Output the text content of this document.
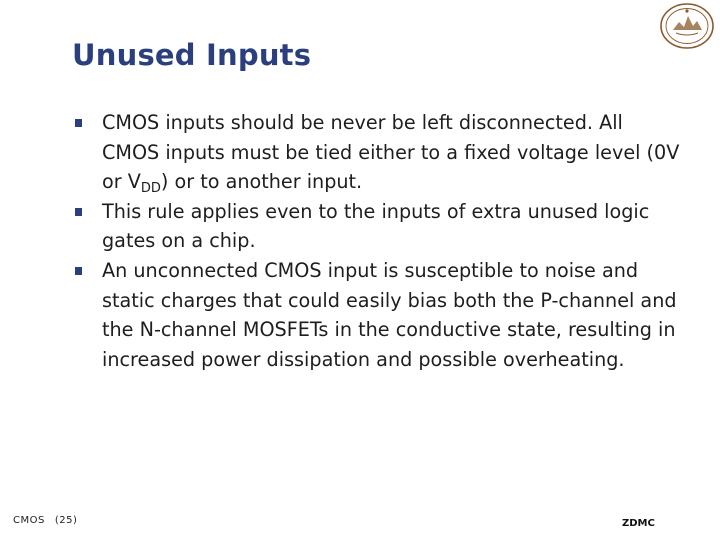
Unused Inputs
CMOS inputs should be never be left disconnected. All CMOS inputs must be tied either to a fixed voltage level (0V or $V_{DD}$) or to another input.
This rule applies even to the inputs of extra unused logic gates on a chip.
An unconnected CMOS input is susceptible to noise and static charges that could easily bias both the P-channel and the N-channel MOSFETs in the conductive state, resulting in increased power dissipation and possible overheating.
CMOS (25)	ZDMC
